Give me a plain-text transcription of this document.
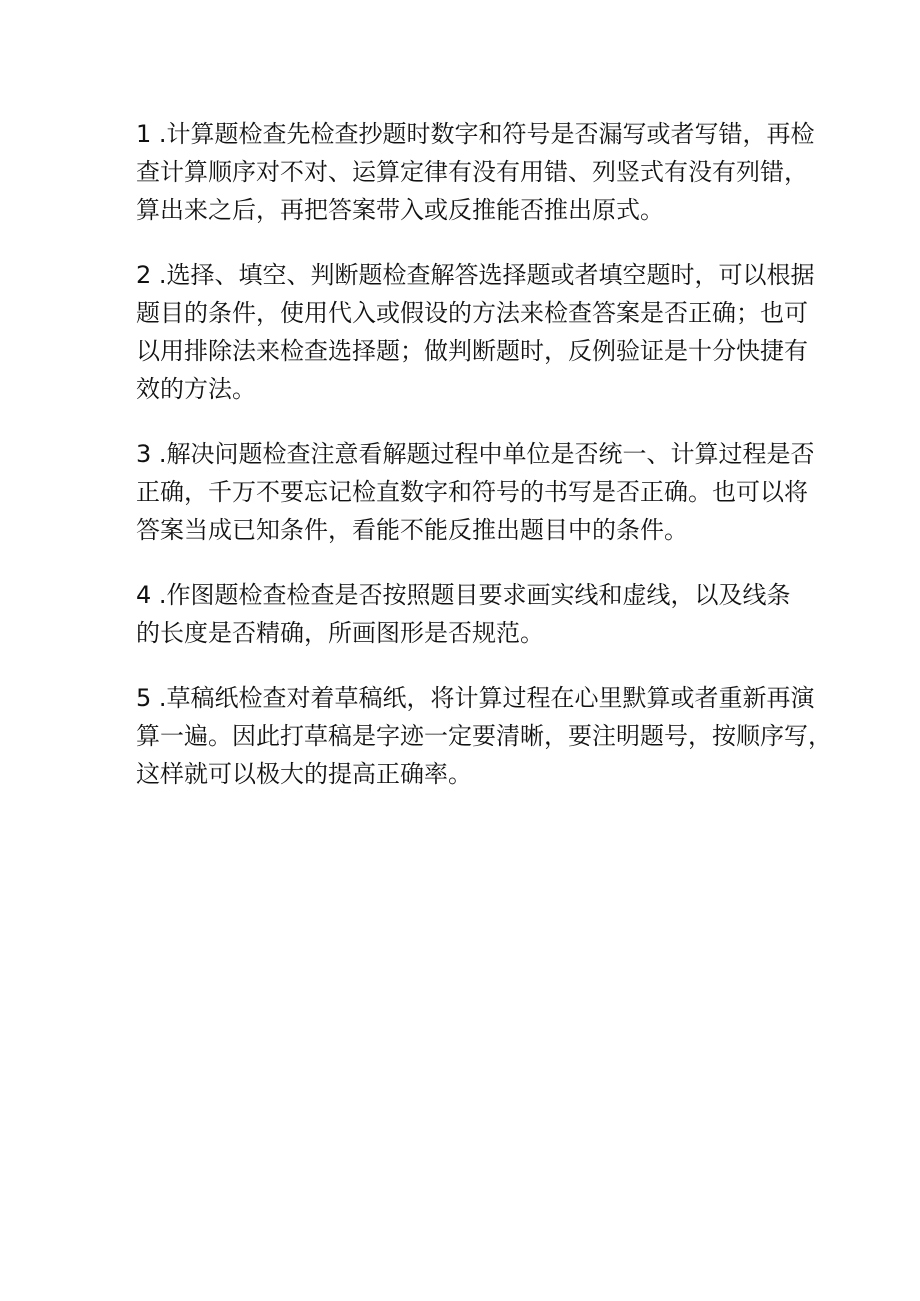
1 .计算题检查先检查抄题时数字和符号是否漏写或者写错，再检
查计算顺序对不对、运算定律有没有用错、列竖式有没有列错，
算出来之后，再把答案带入或反推能否推出原式。
2 .选择、填空、判断题检查解答选择题或者填空题时，可以根据
题目的条件，使用代入或假设的方法来检查答案是否正确；也可
以用排除法来检查选择题；做判断题时，反例验证是十分快捷有
效的方法。
3 .解决问题检查注意看解题过程中单位是否统一、计算过程是否
正确，千万不要忘记检直数字和符号的书写是否正确。也可以将
答案当成已知条件，看能不能反推出题目中的条件。
4 .作图题检查检查是否按照题目要求画实线和虚线，以及线条
的长度是否精确，所画图形是否规范。
5 .草稿纸检查对着草稿纸，将计算过程在心里默算或者重新再演
算一遍。因此打草稿是字迹一定要清晰，要注明题号，按顺序写，
这样就可以极大的提高正确率。
